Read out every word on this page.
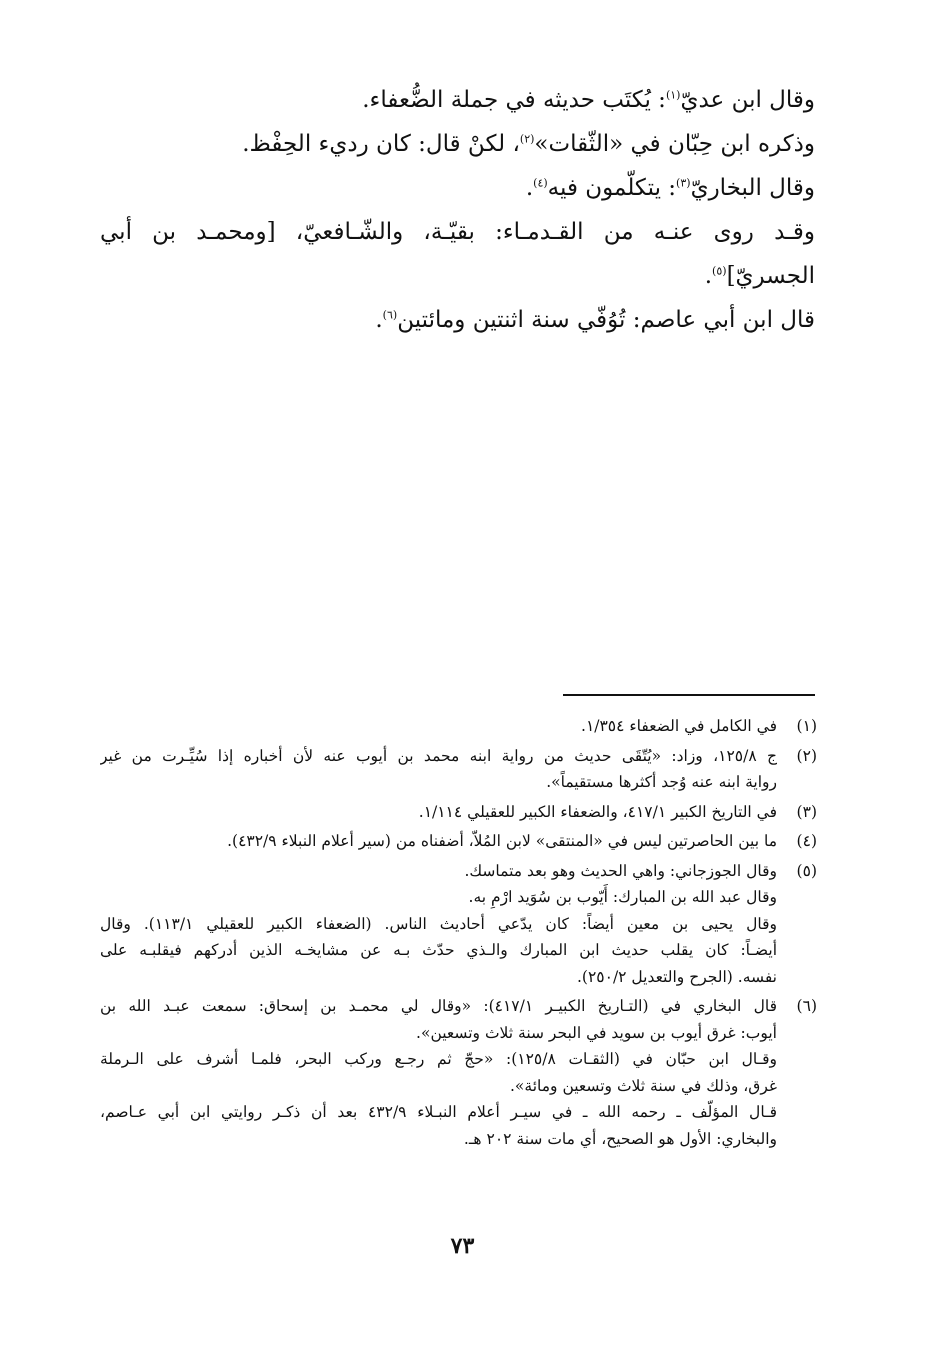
وقال ابن عديّ$^{(١)}$: يُكتَب حديثه في جملة الضُّعفاء.
وذكره ابن حِبّان في «الثّقات»$^{(٢)}$، لكنْ قال: كان رديء الحِفْظ.
وقال البخاريّ$^{(٣)}$: يتكلّمون فيه$^{(٤)}$.
وقـد روى عنـه من القـدمـاء: بقيّـة، والشّـافعيّ، [ومحمـد بن أبي
الجسريّ]$^{(٥)}$.
قال ابن أبي عاصم: تُوُفّي سنة اثنتين ومائتين$^{(٦)}$.
(١)
في الكامل في الضعفاء ١/٣٥٤.
(٢)
ج ١٢٥/٨، وزاد: «يُتّقَى حديث من رواية ابنه محمد بن أيوب عنه لأن أخباره إذا سُيِّـرت من غير
رواية ابنه عنه وُجد أكثرها مستقيماً».
(٣)
في التاريخ الكبير ٤١٧/١، والضعفاء الكبير للعقيلي ١/١١٤.
(٤)
ما بين الحاصرتين ليس في «المنتقى» لابن المُلاّ، أضفناه من (سير أعلام النبلاء ٤٣٢/٩).
(٥)
وقال الجوزجاني: واهي الحديث وهو بعد متماسك.
وقال عبد الله بن المبارك: أَيّوب بن سُوَيد ارْمِ به.
وقال يحيى بن معين أيضاً: كان يدّعي أحاديث الناس. (الضعفاء الكبير للعقيلي ١١٣/١). وقال
أيضـاً: كان يقلب حديث ابن المبارك والـذي حدّث بـه عن مشايخـه الذين أدركهم فيقلبـه على
نفسه. (الجرح والتعديل ٢٥٠/٢).
(٦)
قال البخاري في (التـاريخ الكبيـر ٤١٧/١): «وقال لي محمـد بن إسحاق: سمعت عبـد الله بن
أيوب: غرق أيوب بن سويد في البحر سنة ثلاث وتسعين».
وقـال ابن حبّان في (الثقـات ١٢٥/٨): «حجّ ثم رجـع وركب البحر، فلمـا أشرف على الـرملة
غرق، وذلك في سنة ثلاث وتسعين ومائة».
قـال المؤلّف ـ رحمه الله ـ في سيـر أعلام النبـلاء ٤٣٢/٩ بعد أن ذكـر روايتي ابن أبي عـاصم،
والبخاري: الأول هو الصحيح، أي مات سنة ٢٠٢ هـ.
٧٣
